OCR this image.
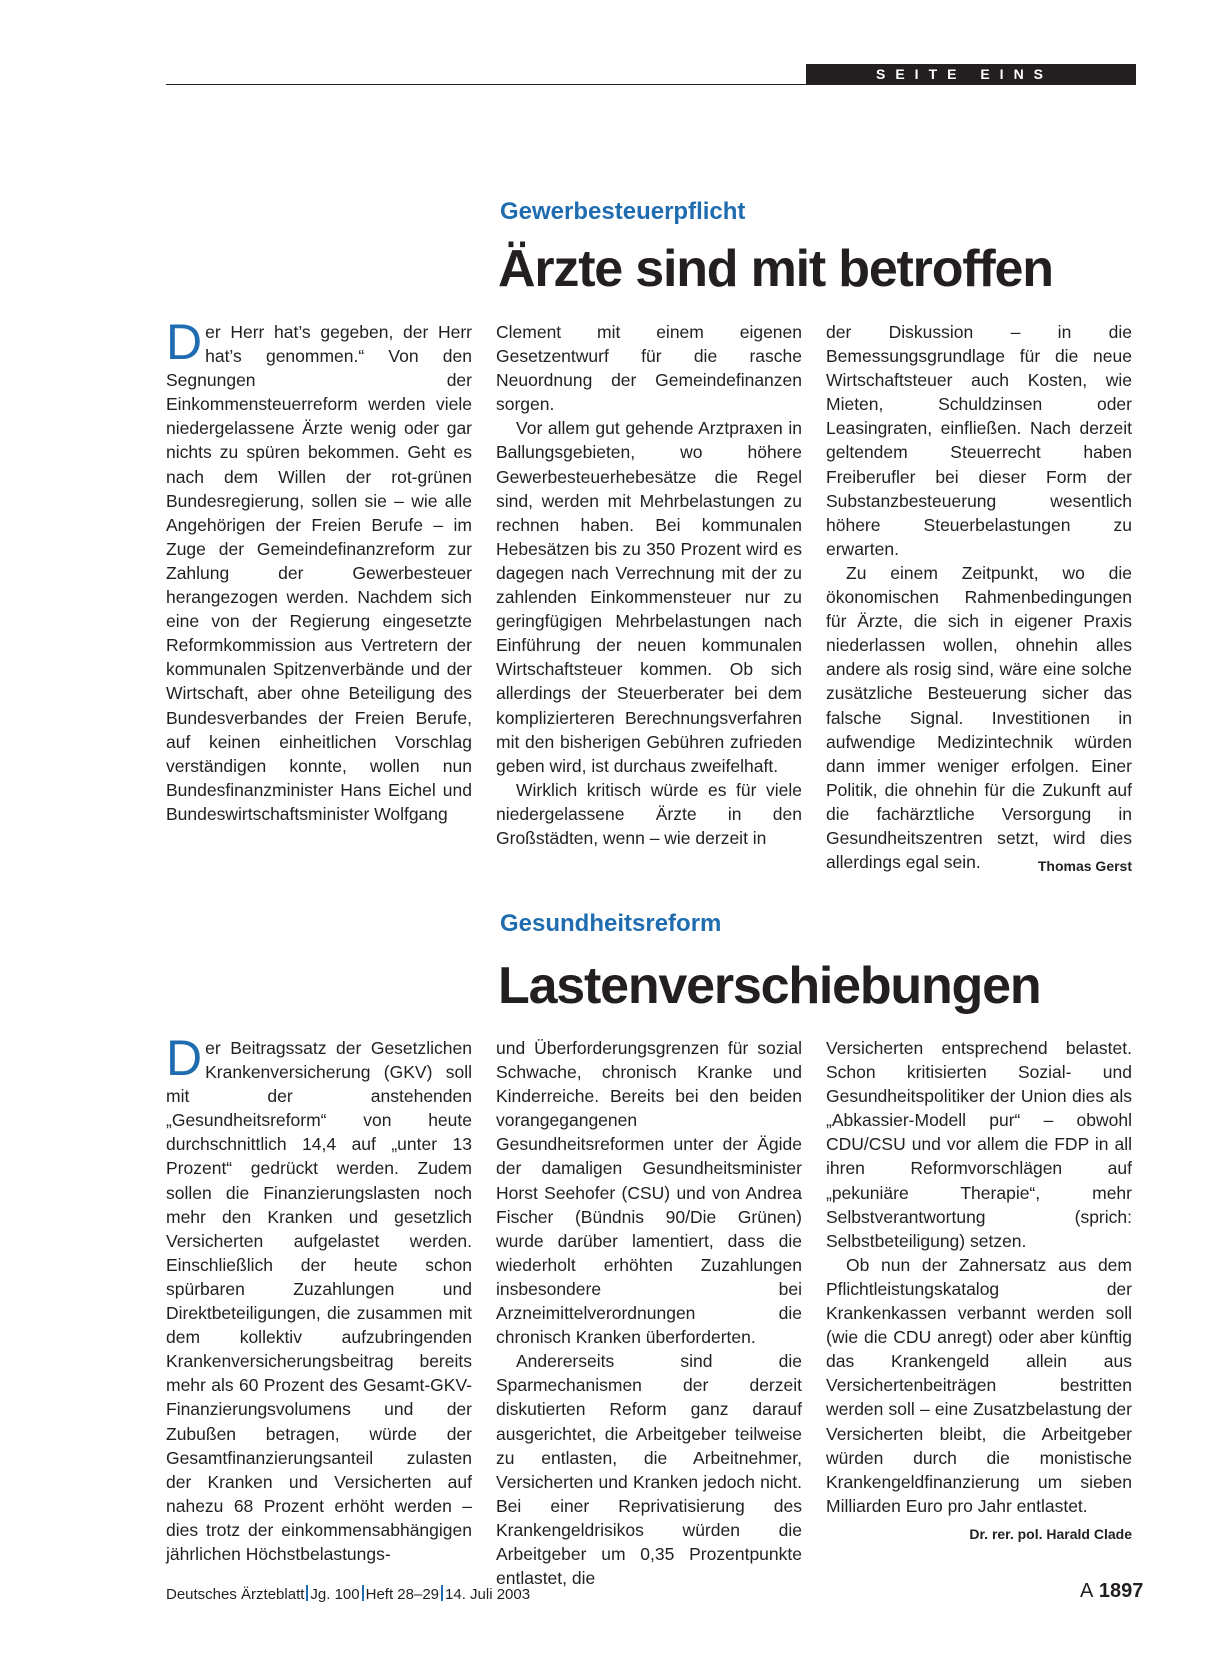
SEITE EINS
Gewerbesteuerpflicht
Ärzte sind mit betroffen

Der Herr hat’s gegeben, der Herr hat’s genommen.“ Von den Segnungen der Einkommensteuerreform werden viele niedergelassene Ärzte wenig oder gar nichts zu spüren bekommen. Geht es nach dem Willen der rot-grünen Bundesregierung, sollen sie – wie alle Angehörigen der Freien Berufe – im Zuge der Gemeindefinanzreform zur Zahlung der Gewerbesteuer herangezogen werden. Nachdem sich eine von der Regierung eingesetzte Reformkommission aus Vertretern der kommunalen Spitzenverbände und der Wirtschaft, aber ohne Beteiligung des Bundesverbandes der Freien Berufe, auf keinen einheitlichen Vorschlag verständigen konnte, wollen nun Bundesfinanzminister Hans Eichel und Bundeswirtschaftsminister Wolfgang

Clement mit einem eigenen Gesetzentwurf für die rasche Neuordnung der Gemeindefinanzen sorgen.

Vor allem gut gehende Arztpraxen in Ballungsgebieten, wo höhere Gewerbesteuerhebesätze die Regel sind, werden mit Mehrbelastungen zu rechnen haben. Bei kommunalen Hebesätzen bis zu 350 Prozent wird es dagegen nach Verrechnung mit der zu zahlenden Einkommensteuer nur zu geringfügigen Mehrbelastungen nach Einführung der neuen kommunalen Wirtschaftsteuer kommen. Ob sich allerdings der Steuerberater bei dem komplizierteren Berechnungsverfahren mit den bisherigen Gebühren zufrieden geben wird, ist durchaus zweifelhaft.

Wirklich kritisch würde es für viele niedergelassene Ärzte in den Großstädten, wenn – wie derzeit in

der Diskussion – in die Bemessungsgrundlage für die neue Wirtschaftsteuer auch Kosten, wie Mieten, Schuldzinsen oder Leasingraten, einfließen. Nach derzeit geltendem Steuerrecht haben Freiberufler bei dieser Form der Substanzbesteuerung wesentlich höhere Steuerbelastungen zu erwarten.

Zu einem Zeitpunkt, wo die ökonomischen Rahmenbedingungen für Ärzte, die sich in eigener Praxis niederlassen wollen, ohnehin alles andere als rosig sind, wäre eine solche zusätzliche Besteuerung sicher das falsche Signal. Investitionen in aufwendige Medizintechnik würden dann immer weniger erfolgen. Einer Politik, die ohnehin für die Zukunft auf die fachärztliche Versorgung in Gesundheitszentren setzt, wird dies allerdings egal sein.	Thomas Gerst

Gesundheitsreform
Lastenverschiebungen

Der Beitragssatz der Gesetzlichen Krankenversicherung (GKV) soll mit der anstehenden „Gesundheitsreform“ von heute durchschnittlich 14,4 auf „unter 13 Prozent“ gedrückt werden. Zudem sollen die Finanzierungslasten noch mehr den Kranken und gesetzlich Versicherten aufgelastet werden. Einschließlich der heute schon spürbaren Zuzahlungen und Direktbeteiligungen, die zusammen mit dem kollektiv aufzubringenden Krankenversicherungsbeitrag bereits mehr als 60 Prozent des Gesamt-GKV-Finanzierungsvolumens und der Zubußen betragen, würde der Gesamtfinanzierungsanteil zulasten der Kranken und Versicherten auf nahezu 68 Prozent erhöht werden – dies trotz der einkommensabhängigen jährlichen Höchstbelastungs-

und Überforderungsgrenzen für sozial Schwache, chronisch Kranke und Kinderreiche. Bereits bei den beiden vorangegangenen Gesundheitsreformen unter der Ägide der damaligen Gesundheitsminister Horst Seehofer (CSU) und von Andrea Fischer (Bündnis 90/Die Grünen) wurde darüber lamentiert, dass die wiederholt erhöhten Zuzahlungen insbesondere bei Arzneimittelverordnungen die chronisch Kranken überforderten.

Andererseits sind die Sparmechanismen der derzeit diskutierten Reform ganz darauf ausgerichtet, die Arbeitgeber teilweise zu entlasten, die Arbeitnehmer, Versicherten und Kranken jedoch nicht. Bei einer Reprivatisierung des Krankengeldrisikos würden die Arbeitgeber um 0,35 Prozentpunkte entlastet, die

Versicherten entsprechend belastet. Schon kritisierten Sozial- und Gesundheitspolitiker der Union dies als „Abkassier-Modell pur“ – obwohl CDU/CSU und vor allem die FDP in all ihren Reformvorschlägen auf „pekuniäre Therapie“, mehr Selbstverantwortung (sprich: Selbstbeteiligung) setzen.

Ob nun der Zahnersatz aus dem Pflichtleistungskatalog der Krankenkassen verbannt werden soll (wie die CDU anregt) oder aber künftig das Krankengeld allein aus Versichertenbeiträgen bestritten werden soll – eine Zusatzbelastung der Versicherten bleibt, die Arbeitgeber würden durch die monistische Krankengeldfinanzierung um sieben Milliarden Euro pro Jahr entlastet.
Dr. rer. pol. Harald Clade

Deutsches Ärzteblatt Jg. 100 Heft 28–29 14. Juli 2003	A 1897
